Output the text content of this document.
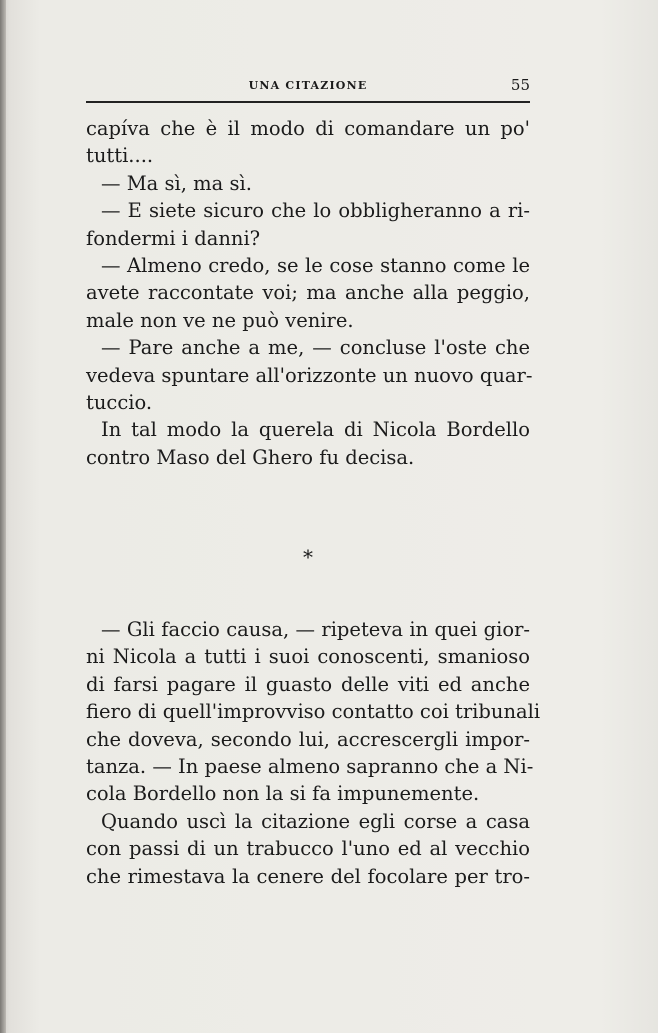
UNA CITAZIONE	55

capíva che è il modo di comandare un po'
tutti....

— Ma sì, ma sì.

— E siete sicuro che lo obbligheranno a ri-
fondermi i danni?

— Almeno credo, se le cose stanno come le
avete raccontate voi; ma anche alla peggio,
male non ve ne può venire.

— Pare anche a me, — concluse l'oste che
vedeva spuntare all'orizzonte un nuovo quar-
tuccio.

In tal modo la querela di Nicola Bordello
contro Maso del Ghero fu decisa.

*

— Gli faccio causa, — ripeteva in quei gior-
ni Nicola a tutti i suoi conoscenti, smanioso
di farsi pagare il guasto delle viti ed anche
fiero di quell'improvviso contatto coi tribunali
che doveva, secondo lui, accrescergli impor-
tanza. — In paese almeno sapranno che a Ni-
cola Bordello non la si fa impunemente.

Quando uscì la citazione egli corse a casa
con passi di un trabucco l'uno ed al vecchio
che rimestava la cenere del focolare per tro-
